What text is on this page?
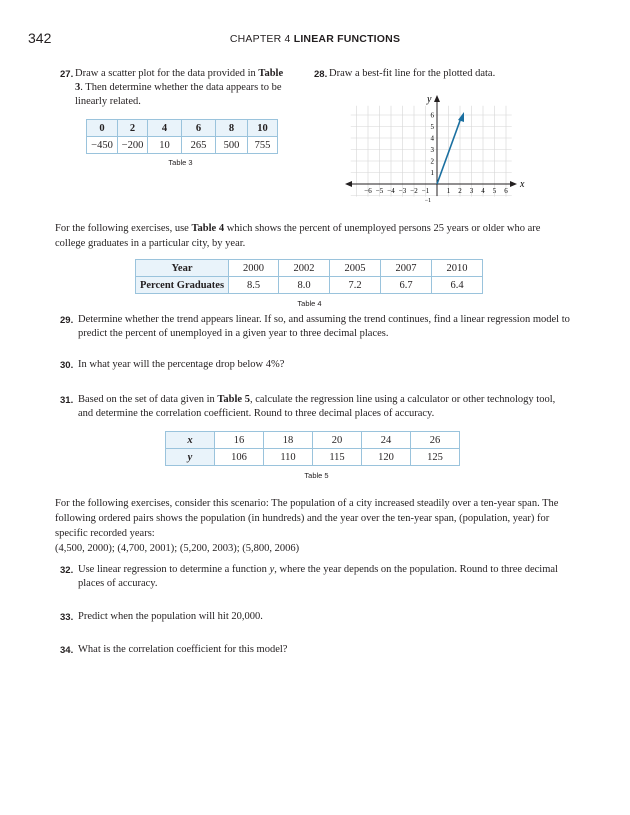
342	CHAPTER 4 LINEAR FUNCTIONS
27. Draw a scatter plot for the data provided in Table 3. Then determine whether the data appears to be linearly related.
0	2	4	6	8	10
−450	−200	10	265	500	755
Table 3
28. Draw a best-fit line for the plotted data.
x
y
−6 −5 −4 −3 −2 −1	1 2 3 4 5 6
1
2
3
4
5
6
−1
For the following exercises, use Table 4 which shows the percent of unemployed persons 25 years or older who are college graduates in a particular city, by year.
Year	2000	2002	2005	2007	2010
Percent Graduates	8.5	8.0	7.2	6.7	6.4
Table 4
29. Determine whether the trend appears linear. If so, and assuming the trend continues, find a linear regression model to predict the percent of unemployed in a given year to three decimal places.
30. In what year will the percentage drop below 4%?
31. Based on the set of data given in Table 5, calculate the regression line using a calculator or other technology tool, and determine the correlation coefficient. Round to three decimal places of accuracy.
x	16	18	20	24	26
y	106	110	115	120	125
Table 5
For the following exercises, consider this scenario: The population of a city increased steadily over a ten-year span. The following ordered pairs shows the population (in hundreds) and the year over the ten-year span, (population, year) for specific recorded years:
(4,500, 2000); (4,700, 2001); (5,200, 2003); (5,800, 2006)
32. Use linear regression to determine a function y, where the year depends on the population. Round to three decimal places of accuracy.
33. Predict when the population will hit 20,000.
34. What is the correlation coefficient for this model?
